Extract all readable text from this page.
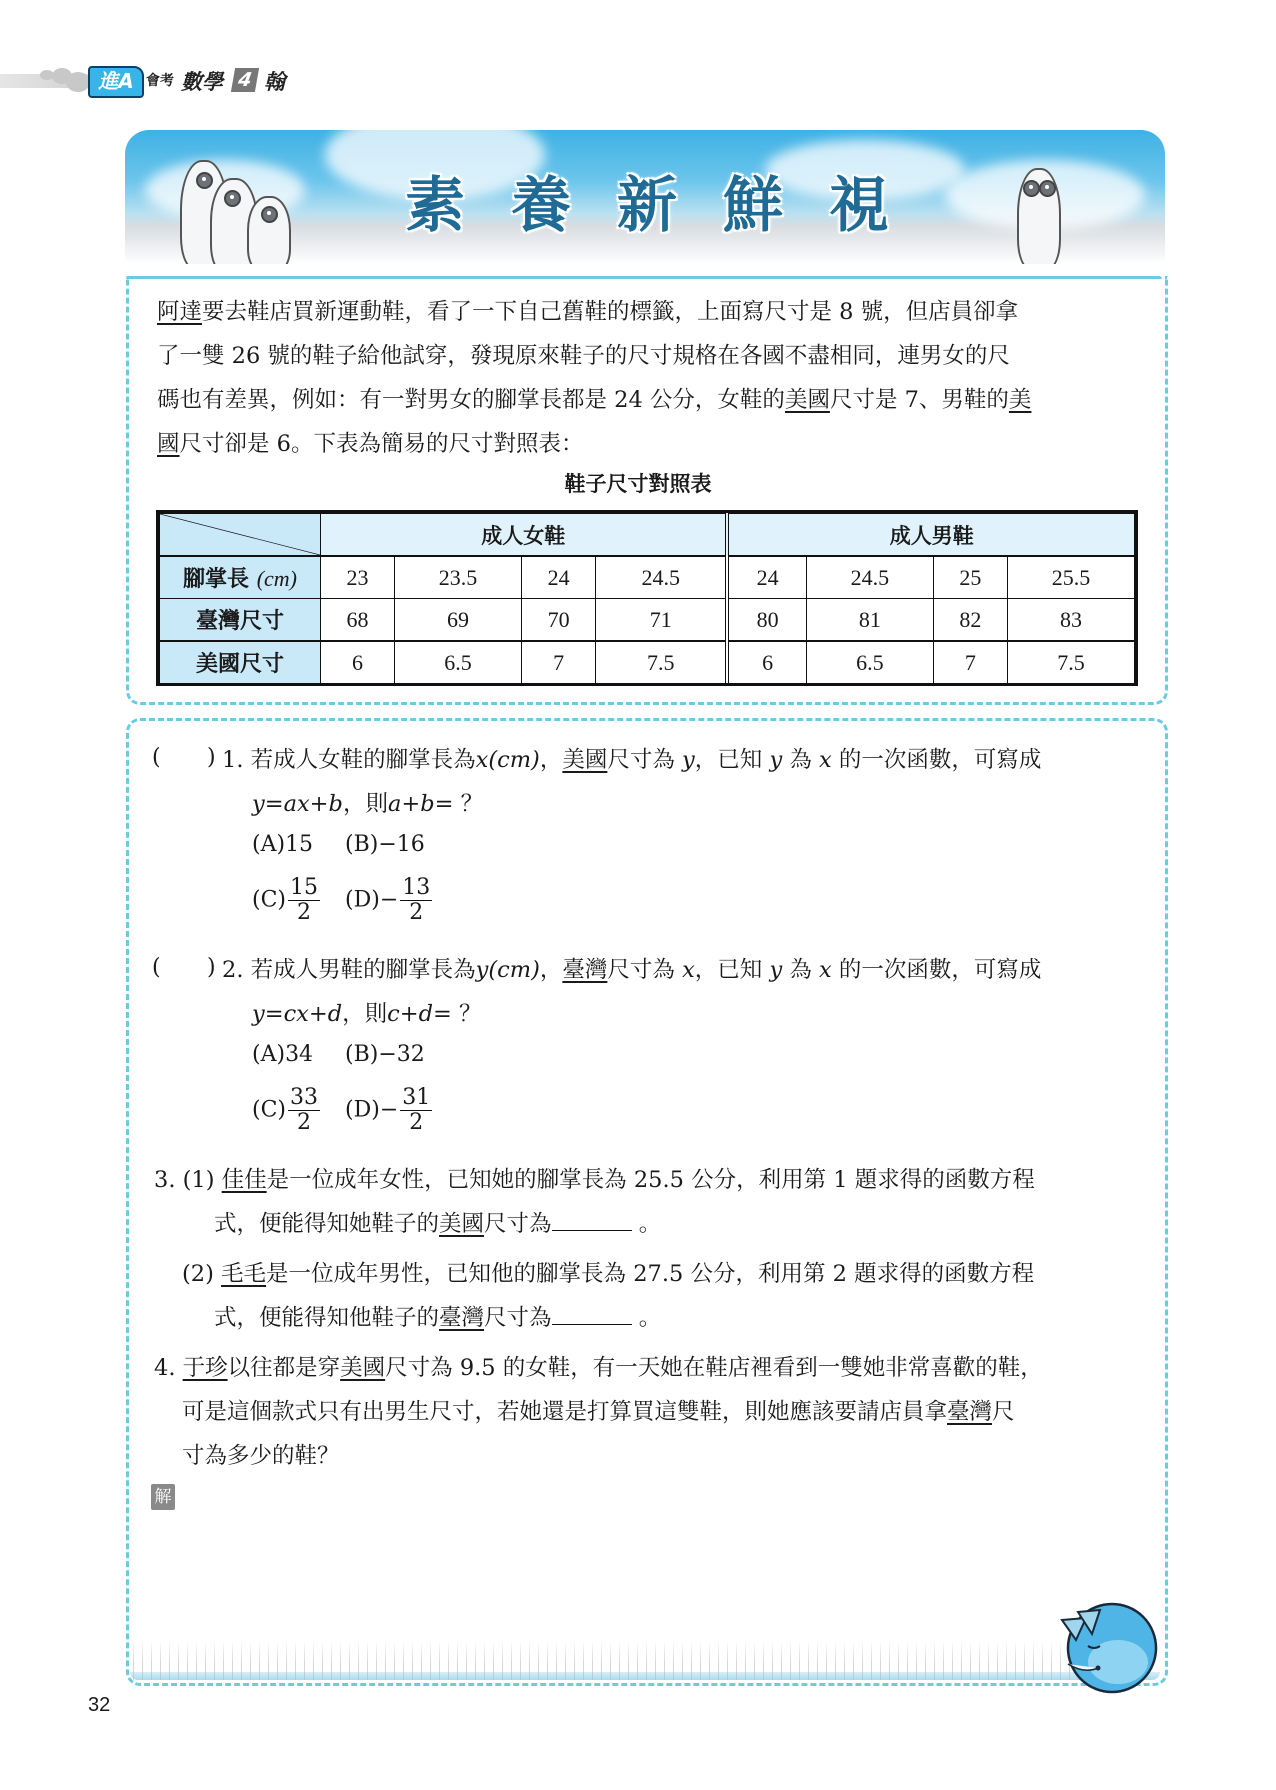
進A 會考 數學 4 翰
素養新鮮視
阿達要去鞋店買新運動鞋，看了一下自己舊鞋的標籤，上面寫尺寸是 8 號，但店員卻拿
了一雙 26 號的鞋子給他試穿，發現原來鞋子的尺寸規格在各國不盡相同，連男女的尺
碼也有差異，例如：有一對男女的腳掌長都是 24 公分，女鞋的美國尺寸是 7、男鞋的美
國尺寸卻是 6。下表為簡易的尺寸對照表：
鞋子尺寸對照表
	成人女鞋				成人男鞋			
腳掌長 (cm)	23	23.5	24	24.5	24	24.5	25	25.5
臺灣尺寸	68	69	70	71	80	81	82	83
美國尺寸	6	6.5	7	7.5	6	6.5	7	7.5
( ) 1. 若成人女鞋的腳掌長為x(cm)，美國尺寸為 y，已知 y 為 x 的一次函數，可寫成
y=ax+b，則a+b= ？
(A)15 (B)−16
$(C) \frac{15}{2} (D)- \frac{13}{2}$
( ) 2. 若成人男鞋的腳掌長為y(cm)，臺灣尺寸為 x，已知 y 為 x 的一次函數，可寫成
y=cx+d，則c+d= ？
(A)34 (B)−32
$(C) \frac{33}{2} (D)- \frac{31}{2}$
3. (1) 佳佳是一位成年女性，已知她的腳掌長為 25.5 公分，利用第 1 題求得的函數方程
式，便能得知她鞋子的美國尺寸為	。
(2) 毛毛是一位成年男性，已知他的腳掌長為 27.5 公分，利用第 2 題求得的函數方程
式，便能得知他鞋子的臺灣尺寸為	。
4. 于珍以往都是穿美國尺寸為 9.5 的女鞋，有一天她在鞋店裡看到一雙她非常喜歡的鞋，
可是這個款式只有出男生尺寸，若她還是打算買這雙鞋，則她應該要請店員拿臺灣尺
寸為多少的鞋？
解
32
